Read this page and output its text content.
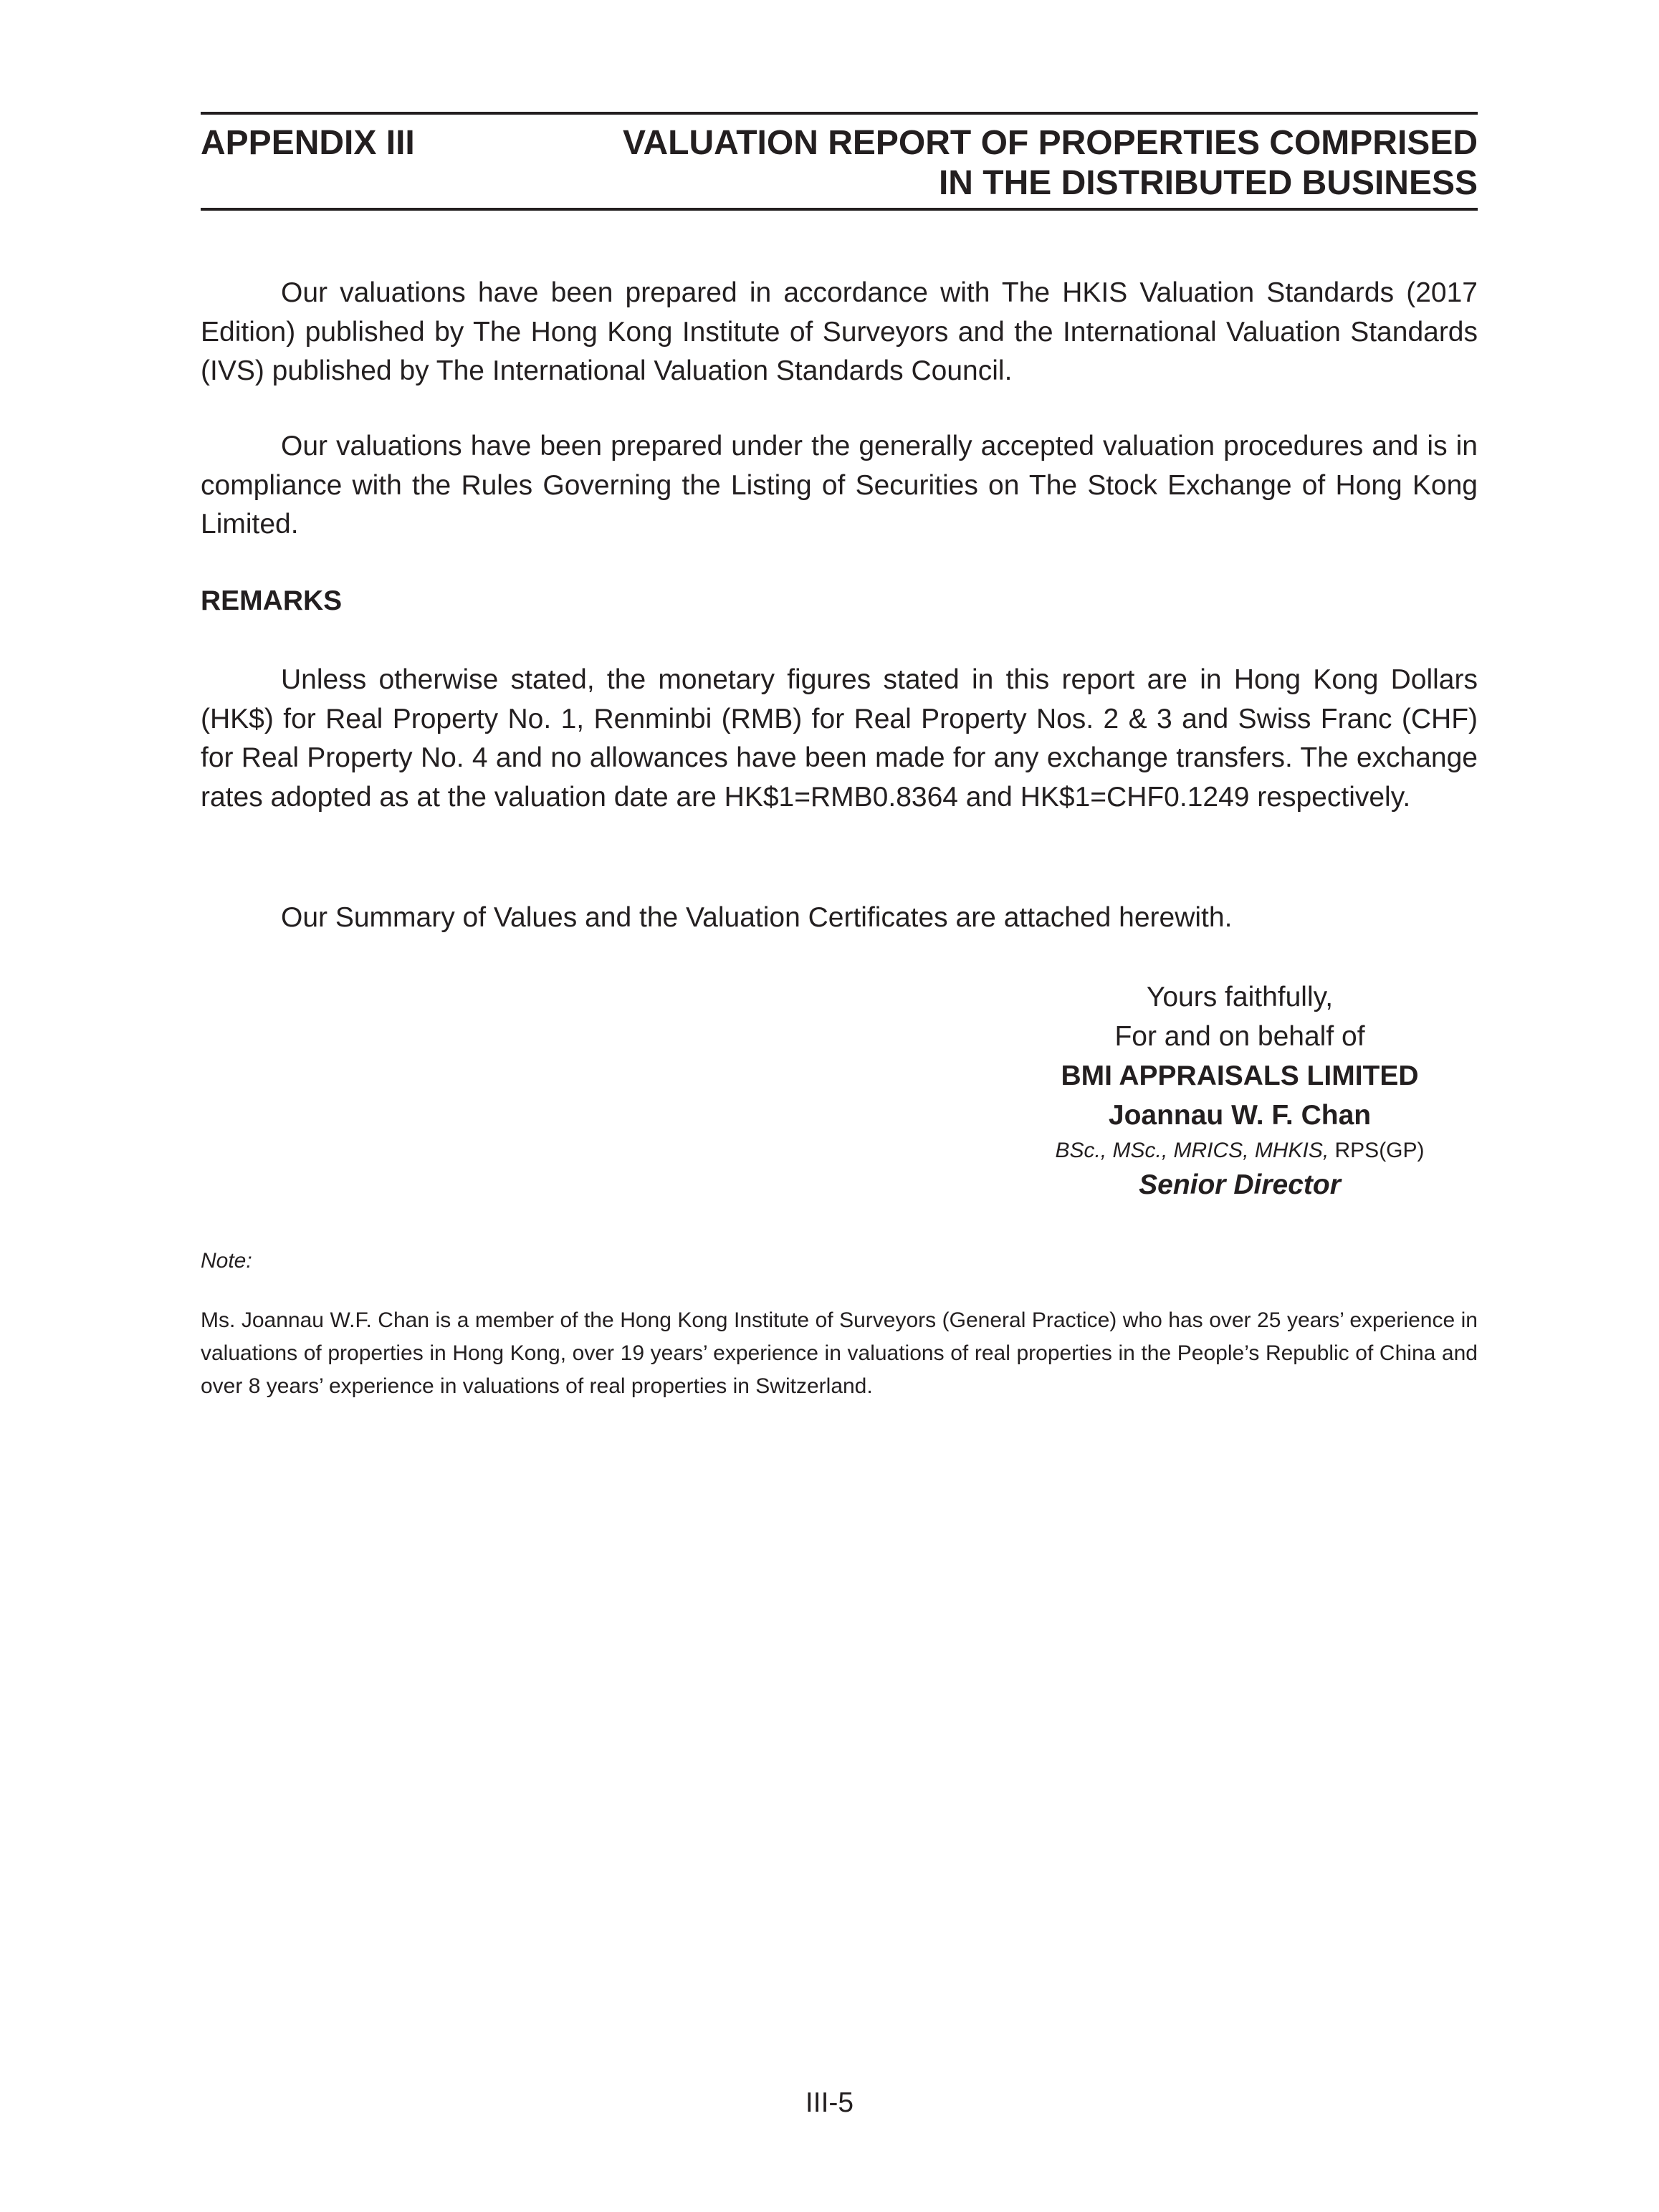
APPENDIX III	VALUATION REPORT OF PROPERTIES COMPRISED
IN THE DISTRIBUTED BUSINESS

Our valuations have been prepared in accordance with The HKIS Valuation Standards (2017 Edition) published by The Hong Kong Institute of Surveyors and the International Valuation Standards (IVS) published by The International Valuation Standards Council.

Our valuations have been prepared under the generally accepted valuation procedures and is in compliance with the Rules Governing the Listing of Securities on The Stock Exchange of Hong Kong Limited.

REMARKS

Unless otherwise stated, the monetary figures stated in this report are in Hong Kong Dollars (HK$) for Real Property No. 1, Renminbi (RMB) for Real Property Nos. 2 & 3 and Swiss Franc (CHF) for Real Property No. 4 and no allowances have been made for any exchange transfers. The exchange rates adopted as at the valuation date are HK$1=RMB0.8364 and HK$1=CHF0.1249 respectively.

Our Summary of Values and the Valuation Certificates are attached herewith.

Yours faithfully,
For and on behalf of
BMI APPRAISALS LIMITED
Joannau W. F. Chan
BSc., MSc., MRICS, MHKIS, RPS(GP)
Senior Director
Note:

Ms. Joannau W.F. Chan is a member of the Hong Kong Institute of Surveyors (General Practice) who has over 25 years’ experience in valuations of properties in Hong Kong, over 19 years’ experience in valuations of real properties in the People’s Republic of China and over 8 years’ experience in valuations of real properties in Switzerland.

III-5
